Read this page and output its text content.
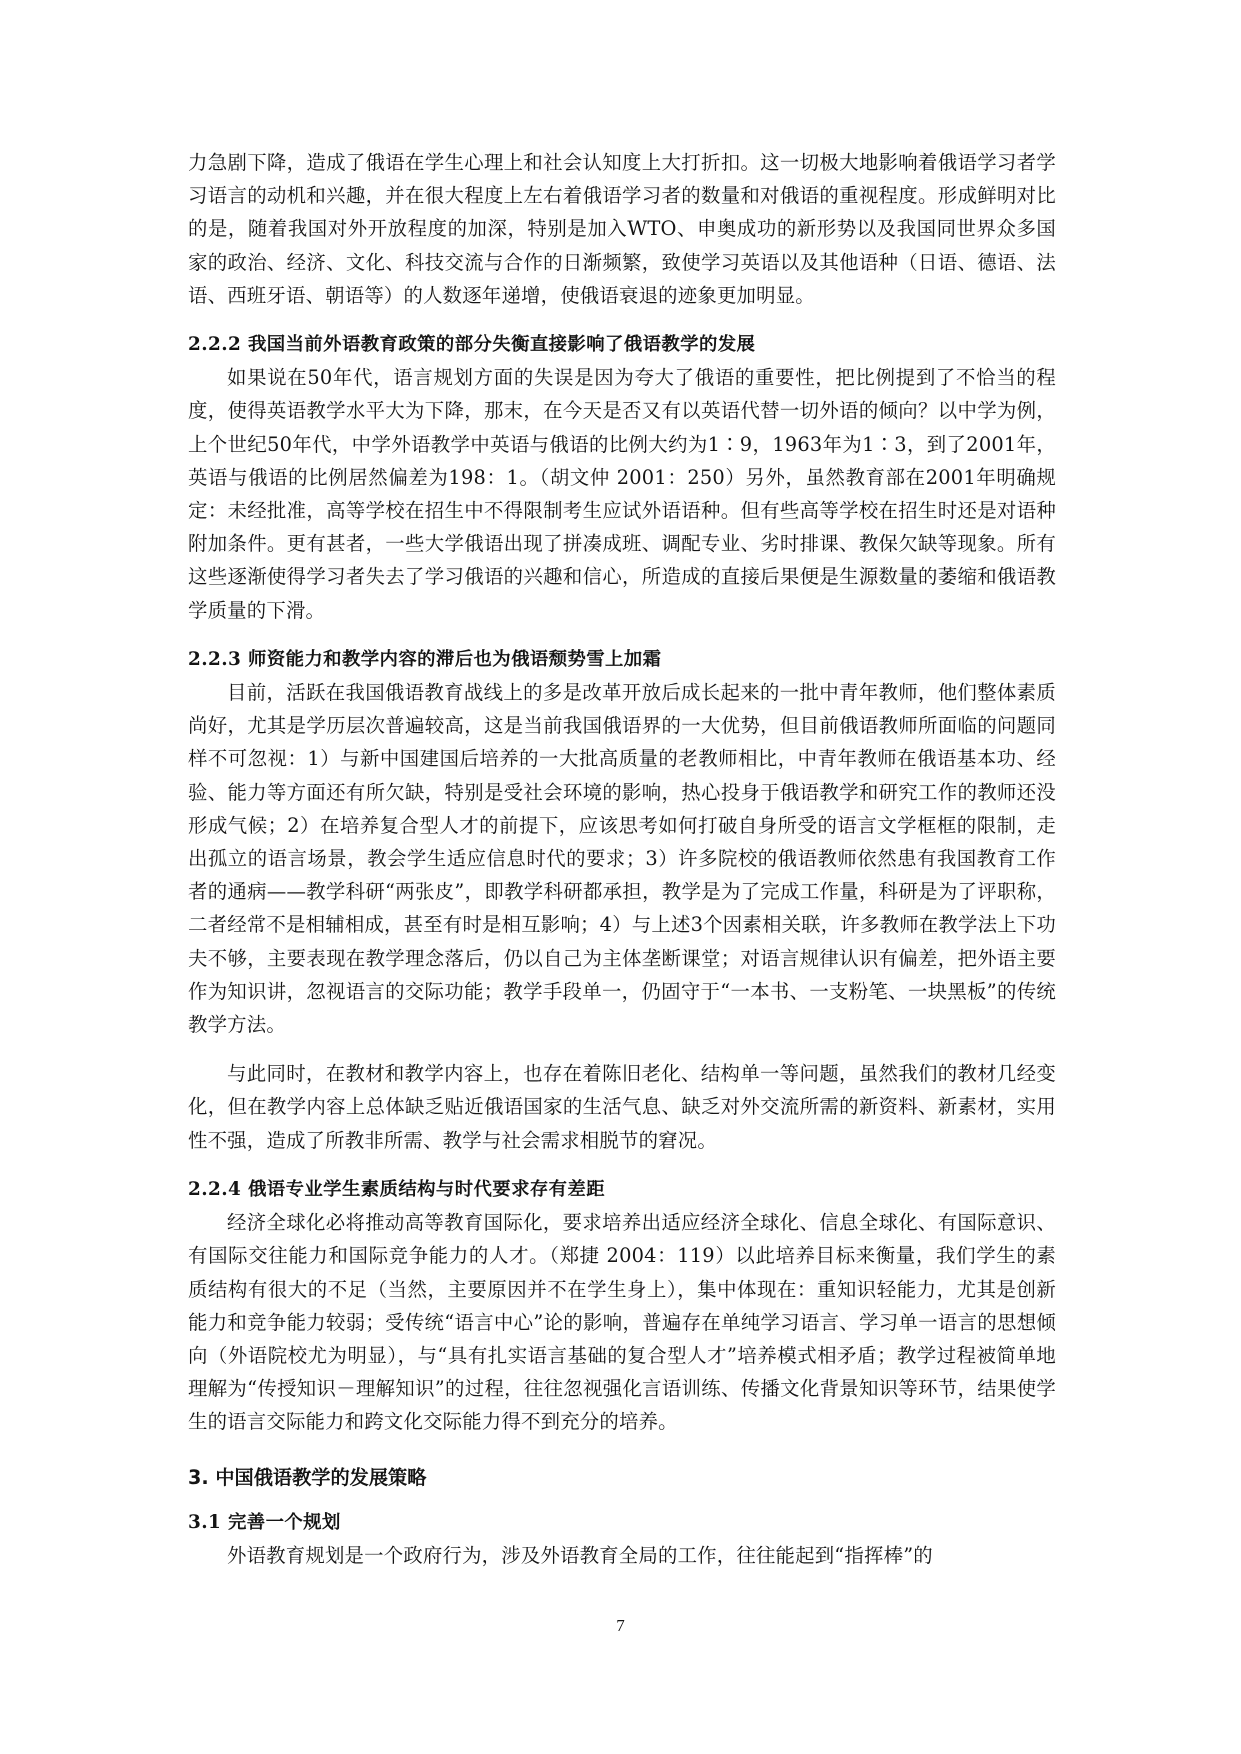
力急剧下降，造成了俄语在学生心理上和社会认知度上大打折扣。这一切极大地影响着俄语学习者学习语言的动机和兴趣，并在很大程度上左右着俄语学习者的数量和对俄语的重视程度。形成鲜明对比的是，随着我国对外开放程度的加深，特别是加入WTO、申奥成功的新形势以及我国同世界众多国家的政治、经济、文化、科技交流与合作的日渐频繁，致使学习英语以及其他语种（日语、德语、法语、西班牙语、朝语等）的人数逐年递增，使俄语衰退的迹象更加明显。

2.2.2 我国当前外语教育政策的部分失衡直接影响了俄语教学的发展

如果说在50年代，语言规划方面的失误是因为夸大了俄语的重要性，把比例提到了不恰当的程度，使得英语教学水平大为下降，那末，在今天是否又有以英语代替一切外语的倾向？以中学为例，上个世纪50年代，中学外语教学中英语与俄语的比例大约为1∶9，1963年为1∶3，到了2001年，英语与俄语的比例居然偏差为198：1。（胡文仲 2001：250）另外，虽然教育部在2001年明确规定：未经批准，高等学校在招生中不得限制考生应试外语语种。但有些高等学校在招生时还是对语种附加条件。更有甚者，一些大学俄语出现了拼凑成班、调配专业、劣时排课、教保欠缺等现象。所有这些逐渐使得学习者失去了学习俄语的兴趣和信心，所造成的直接后果便是生源数量的萎缩和俄语教学质量的下滑。

2.2.3 师资能力和教学内容的滞后也为俄语颓势雪上加霜

目前，活跃在我国俄语教育战线上的多是改革开放后成长起来的一批中青年教师，他们整体素质尚好，尤其是学历层次普遍较高，这是当前我国俄语界的一大优势，但目前俄语教师所面临的问题同样不可忽视：1）与新中国建国后培养的一大批高质量的老教师相比，中青年教师在俄语基本功、经验、能力等方面还有所欠缺，特别是受社会环境的影响，热心投身于俄语教学和研究工作的教师还没形成气候；2）在培养复合型人才的前提下，应该思考如何打破自身所受的语言文学框框的限制，走出孤立的语言场景，教会学生适应信息时代的要求；3）许多院校的俄语教师依然患有我国教育工作者的通病——教学科研“两张皮”，即教学科研都承担，教学是为了完成工作量，科研是为了评职称，二者经常不是相辅相成，甚至有时是相互影响；4）与上述3个因素相关联，许多教师在教学法上下功夫不够，主要表现在教学理念落后，仍以自己为主体垄断课堂；对语言规律认识有偏差，把外语主要作为知识讲，忽视语言的交际功能；教学手段单一，仍固守于“一本书、一支粉笔、一块黑板”的传统教学方法。

与此同时，在教材和教学内容上，也存在着陈旧老化、结构单一等问题，虽然我们的教材几经变化，但在教学内容上总体缺乏贴近俄语国家的生活气息、缺乏对外交流所需的新资料、新素材，实用性不强，造成了所教非所需、教学与社会需求相脱节的窘况。

2.2.4 俄语专业学生素质结构与时代要求存有差距

经济全球化必将推动高等教育国际化，要求培养出适应经济全球化、信息全球化、有国际意识、有国际交往能力和国际竞争能力的人才。（郑捷 2004：119）以此培养目标来衡量，我们学生的素质结构有很大的不足（当然，主要原因并不在学生身上），集中体现在：重知识轻能力，尤其是创新能力和竞争能力较弱；受传统“语言中心”论的影响，普遍存在单纯学习语言、学习单一语言的思想倾向（外语院校尤为明显），与“具有扎实语言基础的复合型人才”培养模式相矛盾；教学过程被简单地理解为“传授知识－理解知识”的过程，往往忽视强化言语训练、传播文化背景知识等环节，结果使学生的语言交际能力和跨文化交际能力得不到充分的培养。

3. 中国俄语教学的发展策略
3.1 完善一个规划

外语教育规划是一个政府行为，涉及外语教育全局的工作，往往能起到“指挥棒”的

7
